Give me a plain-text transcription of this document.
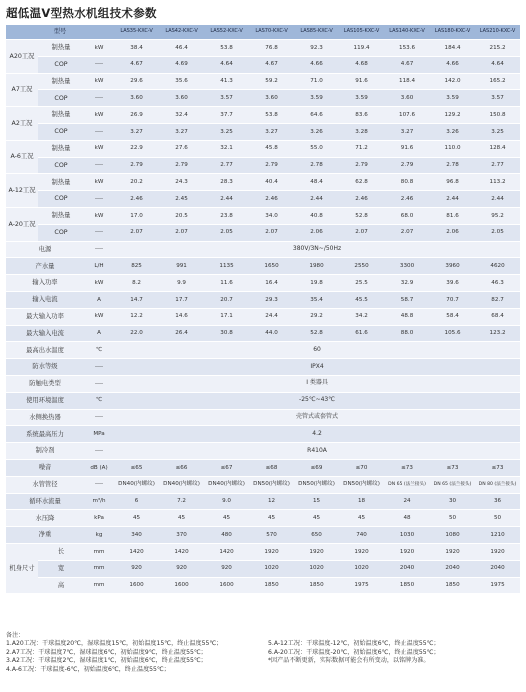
超低温V型热水机组技术参数
型号			LAS35-KXC-V	LAS42-KXC-V	LAS52-KXC-V	LAS70-KXC-V	LAS85-KXC-V	LAS105-KXC-V	LAS140-KXC-V	LAS180-KXC-V	LAS210-KXC-V
A20工况	制热量	kW	38.4	46.4	53.8	76.8	92.3	119.4	153.6	184.4	215.2
	COP	----	4.67	4.69	4.64	4.67	4.66	4.68	4.67	4.66	4.64
A7工况	制热量	kW	29.6	35.6	41.3	59.2	71.0	91.6	118.4	142.0	165.2
	COP	----	3.60	3.60	3.57	3.60	3.59	3.59	3.60	3.59	3.57
A2工况	制热量	kW	26.9	32.4	37.7	53.8	64.6	83.6	107.6	129.2	150.8
	COP	----	3.27	3.27	3.25	3.27	3.26	3.28	3.27	3.26	3.25
A-6工况	制热量	kW	22.9	27.6	32.1	45.8	55.0	71.2	91.6	110.0	128.4
	COP	----	2.79	2.79	2.77	2.79	2.78	2.79	2.79	2.78	2.77
A-12工况	制热量	kW	20.2	24.3	28.3	40.4	48.4	62.8	80.8	96.8	113.2
	COP	----	2.46	2.45	2.44	2.46	2.44	2.46	2.46	2.44	2.44
A-20工况	制热量	kW	17.0	20.5	23.8	34.0	40.8	52.8	68.0	81.6	95.2
	COP	----	2.07	2.07	2.05	2.07	2.06	2.07	2.07	2.06	2.05
电源		----	380V/3N~/50Hz								
产水量		L/H	825	991	1135	1650	1980	2550	3300	3960	4620
输入功率		kW	8.2	9.9	11.6	16.4	19.8	25.5	32.9	39.6	46.3
输入电流		A	14.7	17.7	20.7	29.3	35.4	45.5	58.7	70.7	82.7
最大输入功率		kW	12.2	14.6	17.1	24.4	29.2	34.2	48.8	58.4	68.4
最大输入电流		A	22.0	26.4	30.8	44.0	52.8	61.6	88.0	105.6	123.2
最高出水温度		℃	60								
防水等级		----	IPX4								
防触电类型		----	I 类器具								
使用环境温度		℃	-25℃~43℃								
水侧换热器		----	壳管式或套管式								
系统最高压力		MPa	4.2								
制冷剂		----	R410A								
噪音		dB (A)	≤65	≤66	≤67	≤68	≤69	≤70	≤73	≤73	≤73
水管管径		----	DN40(内螺纹)	DN40(内螺纹)	DN40(内螺纹)	DN50(内螺纹)	DN50(内螺纹)	DN50(内螺纹)	DN 65 (法兰接头)	DN 65 (法兰接头)	DN 80 (法兰接头)
循环水流量		m³/h	6	7.2	9.0	12	15	18	24	30	36
水压降		kPa	45	45	45	45	45	45	48	50	50
净重		kg	340	370	480	570	650	740	1030	1080	1210
机身尺寸	长	mm	1420	1420	1420	1920	1920	1920	1920	1920	1920
	宽	mm	920	920	920	1020	1020	1020	2040	2040	2040
	高	mm	1600	1600	1600	1850	1850	1975	1850	1850	1975
备注：
1.A20工况：干球温度20℃，湿球温度15℃，初始温度15℃，终止温度55℃；
2.A7工况：干球温度7℃，湿球温度6℃，初始温度9℃，终止温度55℃；
3.A2工况：干球温度2℃，湿球温度1℃，初始温度6℃，终止温度55℃；
4.A-6工况：干球温度-6℃，初始温度6℃，终止温度55℃；
5.A-12工况：干球温度-12℃，初始温度6℃，终止温度55℃；
6.A-20工况：干球温度-20℃，初始温度6℃，终止温度55℃；
*因产品不断更新，实际数据可能会有所变动，以铭牌为准。
